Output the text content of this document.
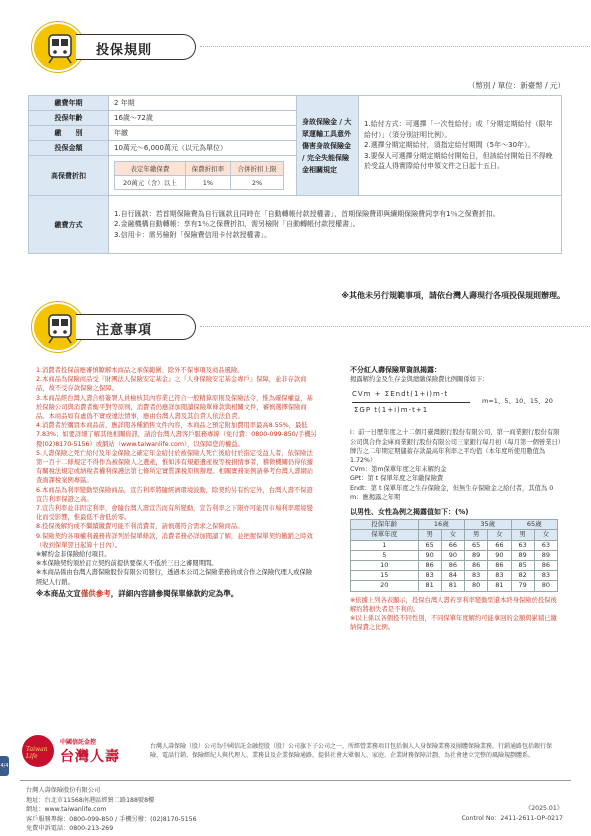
投保規則
（幣別 / 單位：新臺幣 / 元）
繳費年期	2 年期	身故保險金 / 大眾運輸工具意外傷害身故保險金 / 完全失能保險金相關規定	

1.給付方式：可選擇「一次性給付」或「分期定期給付（限年給付）」（須分別註明比例）。

2.選擇分期定期給付，須指定給付期間（5年～30年）。

3.要保人可選擇分期定期給付開始日，但該給付開始日不得晚於受益人得實際給付申領文件之日起十五日。

投保年齡	16歲～72歲
繳　　別	年繳
投保金額	10萬元～6,000萬元（以元為單位）
高保費折扣	
表定年繳保費	保費折扣率	合併折扣上限
20萬元（含）以上	1%	2%

繳費方式	

1.自行匯款：若首期保險費為自行匯款且同時在「自動轉帳付款授權書」，首期保險費即與續期保險費同享有1％之保費折扣。

2.金融機構自動轉帳：享有1％之保費折扣，需另檢附「自動轉帳付款授權書」。

3.信用卡：需另檢附「保險費信用卡付款授權書」。

※其他未另行規範事項，請依台灣人壽現行各項投保規則辦理。
注意事項

1.消費者投保前應審慎瞭解本商品之承保範圍、除外不保事項及商品風險。

2.本商品為保險商品受『財團法人保險安定基金』之『人身保險安定基金專戶』保障，並非存款商品，故不受存款保險之保障。

3.本商品經台灣人壽合格簽署人員檢核其內容業已符合一般精算原則及保險法令，惟為確保權益，基於保險公司與消費者衡平對等原則，消費者仍應詳加閱讀保險單條款與相關文件，審慎選擇保險商品。本商品如有虛偽不實或違法情事，應由台灣人壽及其負責人依法負責。

4.消費者於購買本商品前，應詳閱各種銷售文件內容，本商品之預定附加費用率最高8.55%，最低7.83%；如要詳細了解其他相關資訊，請洽台灣人壽客戶服務專線（免付費：0800-099-850/手機另撥(02)8170-5156）或網站（www.taiwanlife.com），以保障您的權益。

5.人壽保險之死亡給付及年金保險之確定年金給付於被保險人死亡後給付於指定受益人者，依保險法第一百十二條規定不得作為被保險人之遺產，惟如涉有規避遺產稅等稅捐情事者，稽徵機關仍得依據有關稅法規定或納稅者權利保護法第七條所定實質課稅原則辦理。相關實務案例請參考台灣人壽網站查詢課稅案例專區。

6.本商品為利率變動型保險商品，宣告利率將隨經濟環境波動，除契約另有約定外，台灣人壽不保證宣告利率保證之高。

7.宣告利率並非固定利率，會隨台灣人壽宣告而有所變動，宣告利率之下限亦可能因市場利率環境變化而受影響，惟最低不會低於零。

8.投保後解約或不繼續繳費可能不利消費者，請慎選符合需求之保險商品。

9.保險契約各項權利義務皆詳列於保單條款，消費者務必詳加閱讀了解，並把握保單契約撤銷之時效（收到保單翌日起算十日內）。

※解約金非保險給付項目。

※本保險契約須於訂立契約前提供要保人不低於三日之審閱期間。

※本商品係由台灣人壽保險股份有限公司發行，透過本公司之保險業務員或合作之保險代理人或保險經紀人行銷。

※本商品文宣僅供參考，詳細內容請參閱保單條款約定為準。

不分紅人壽保險單資訊揭露：
揭露解約金及生存金與總繳保險費比例關係如下：
CVm + ΣEndt(1+i)m-t
ΣGP t(1+i)m-t+1
m=1、5、10、15、20

i：前一日歷年度之十二個月臺灣銀行股份有限公司、第一商業銀行股份有限公司與合作金庫商業銀行股份有限公司三家銀行每月初（每月第一個營業日）牌告之二年期定期儲蓄存款最高年利率之平均值（本年度所使用數值為1.72%）

CVm：第m保單年度之年末解約金

GPt：第 t 保單年度之年繳保險費

Endt：第 t 保單年度之生存保險金，但無生存保險金之給付者，其值為 0

m：應揭露之年期

以男性、女性為例之揭露值如下：(%)
投保年齡	16歲		35歲		65歲	
保單年度	男	女	男	女	男	女
1	65	66	65	66	63	63
5	90	90	89	90	89	89
10	86	86	86	86	85	86
15	83	84	83	83	82	83
20	81	81	80	81	79	80

※依據上列各表顯示，投保台灣人壽若享利率變動型還本終身保險於投保後解約將損失者是不利的。

※以上係以各個投不同性別，不同保單年度解約可能拿回的金額與累積已繳納保費之比例。

Taiwan Life
中國信託金控
台灣人壽
台灣人壽保險（股）公司為中國信託金融控股（股）公司旗下子公司之一，所經營業務項目包括個人人身保險業務及團體保險業務，行銷通路包括銀行保險、電話行銷、保險經紀人與代理人、業務員及企業保險通路，提供社會大眾個人、家庭、企業財務保障計劃，為社會建立完整的風險規劃體系。
4/4
台灣人壽保險股份有限公司
地址：台北市11568南港區經貿二路188號8樓
網址：www.taiwanlife.com
客戶服務專線：0800-099-850 / 手機另撥：(02)8170-5156
免費申訴電話：0800-213-269
《2025.01》
Control No：2411-2611-OP-0217
